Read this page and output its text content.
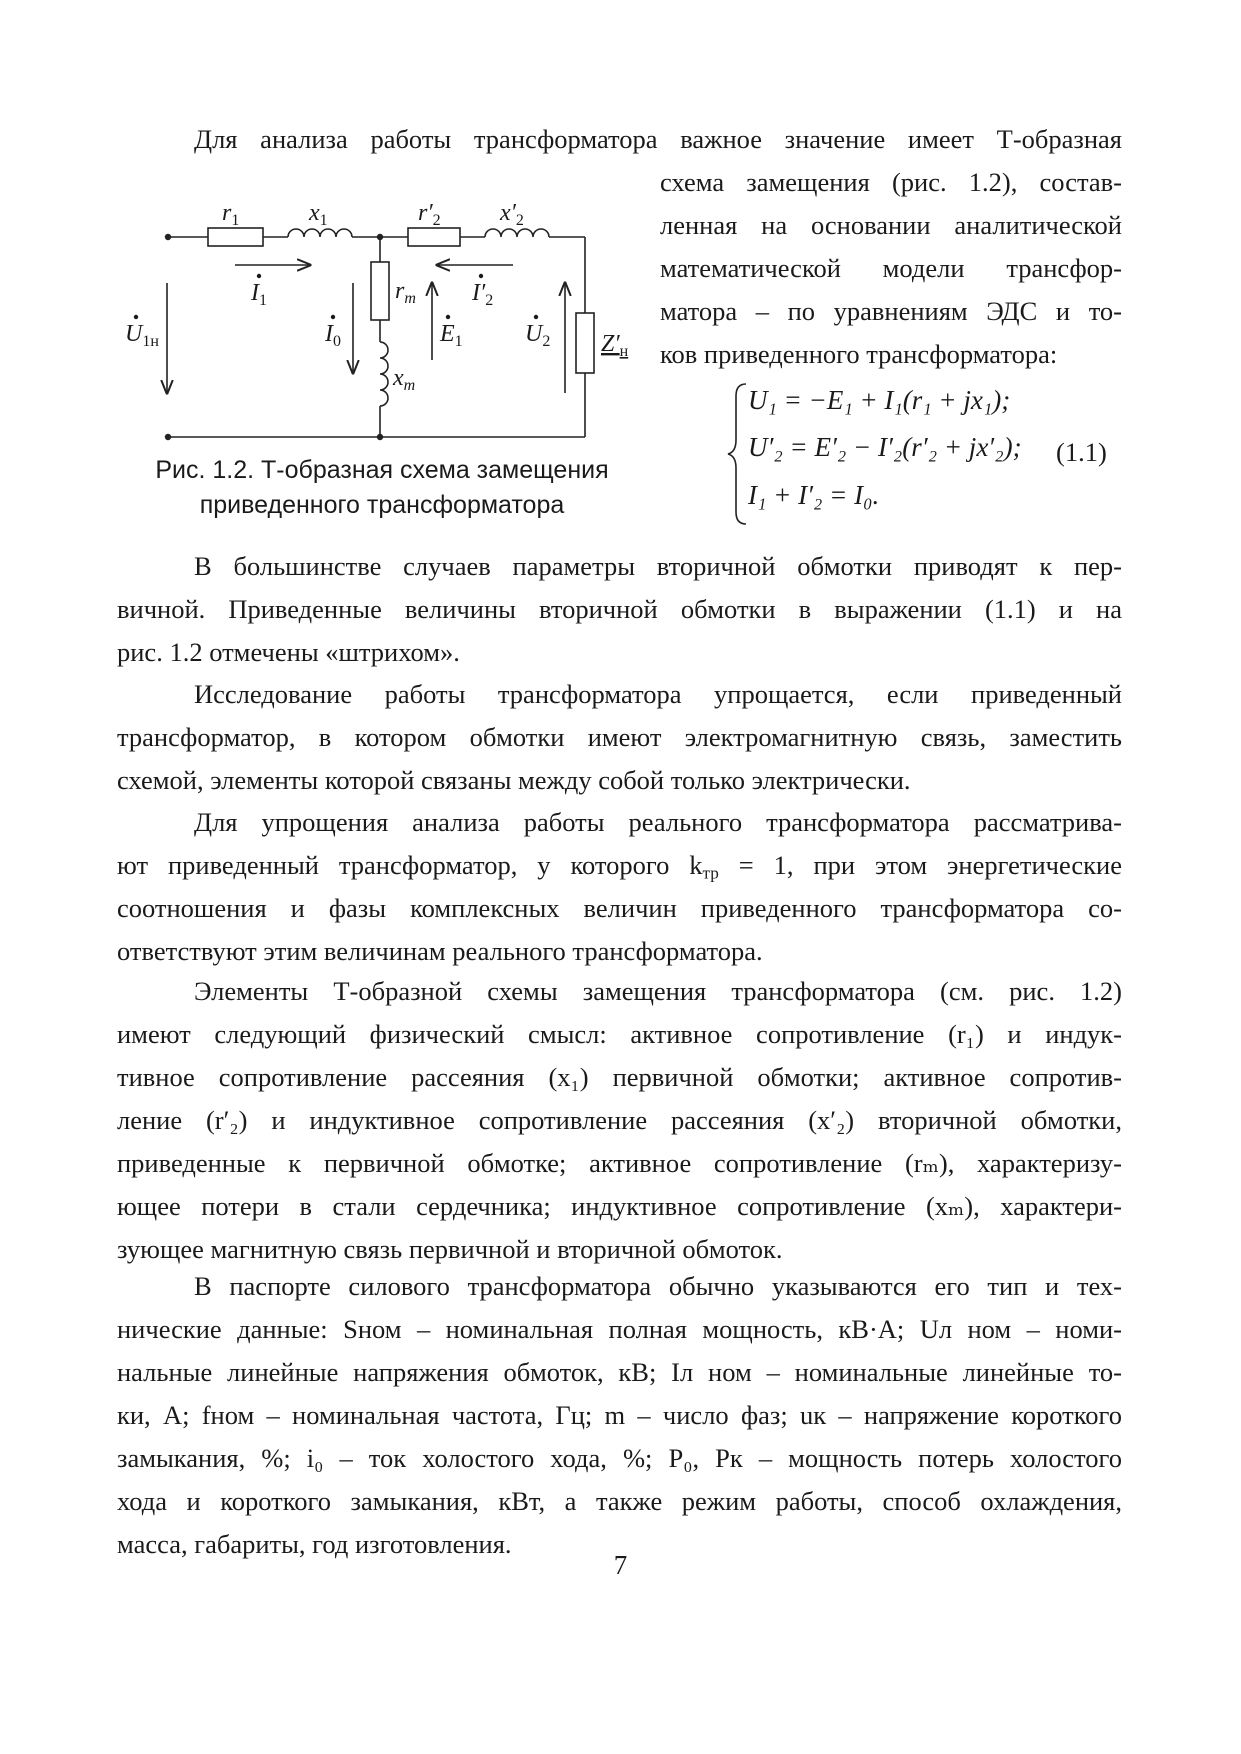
Для анализа работы трансформатора важное значение имеет Т-образная

схема замещения (рис. 1.2), состав-
ленная на основании аналитической
математической модели трансфор-
матора – по уравнениям ЭДС и то-
ков приведенного трансформатора:
$r_1$	$x_1$	$r'_2$ $x'_2$
$r_m$
$x_m$
$I_1$	$I'_2$
$I_0$	$E_1$
$U_{1н}$	$U_2$ $Z'_н$
Рис. 1.2. Т-образная схема замещения
приведенного трансформатора
U₁ = −E₁ + I₁(r₁ + jx₁);
U′₂ = E′₂ − I′₂(r′₂ + jx′₂);
I₁ + I′₂ = I₀.
(1.1)
В большинстве случаев параметры вторичной обмотки приводят к пер-
вичной. Приведенные величины вторичной обмотки в выражении (1.1) и на
рис. 1.2 отмечены «штрихом».
Исследование работы трансформатора упрощается, если приведенный
трансформатор, в котором обмотки имеют электромагнитную связь, заместить
схемой, элементы которой связаны между собой только электрически.
Для упрощения анализа работы реального трансформатора рассматрива-
ют приведенный трансформатор, у которого $k_{тр} = 1$, при этом энергетические
соотношения и фазы комплексных величин приведенного трансформатора со-
ответствуют этим величинам реального трансформатора.
Элементы Т-образной схемы замещения трансформатора (см. рис. 1.2)
имеют следующий физический смысл: активное сопротивление (r₁) и индук-
тивное сопротивление рассеяния (x₁) первичной обмотки; активное сопротив-
ление (r′₂) и индуктивное сопротивление рассеяния (x′₂) вторичной обмотки,
приведенные к первичной обмотке; активное сопротивление (rₘ), характеризу-
ющее потери в стали сердечника; индуктивное сопротивление (xₘ), характери-
зующее магнитную связь первичной и вторичной обмоток.
В паспорте силового трансформатора обычно указываются его тип и тех-
нические данные: Sном – номинальная полная мощность, кВ·А; Uл ном – номи-
нальные линейные напряжения обмоток, кВ; Iл ном – номинальные линейные то-
ки, А; fном – номинальная частота, Гц; m – число фаз; uк – напряжение короткого
замыкания, %; i₀ – ток холостого хода, %; P₀, Pк – мощность потерь холостого
хода и короткого замыкания, кВт, а также режим работы, способ охлаждения,
масса, габариты, год изготовления.
7
